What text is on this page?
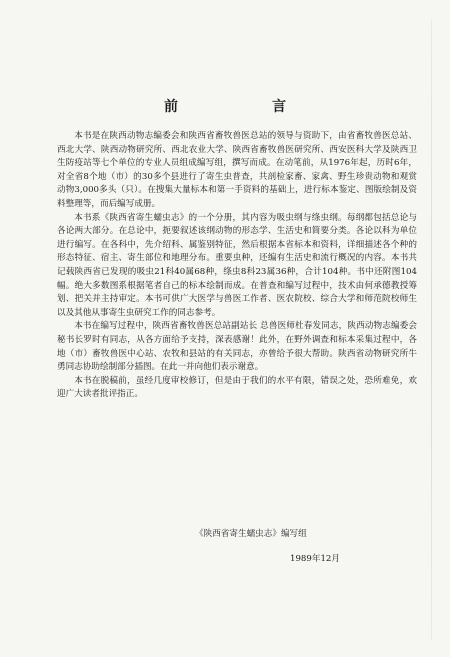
前　　言

本书是在陕西动物志编委会和陕西省畜牧兽医总站的领导与资助下，由省畜牧兽医总站、西北大学、陕西动物研究所、西北农业大学、陕西省畜牧兽医研究所、西安医科大学及陕西卫生防疫站等七个单位的专业人员组成编写组，撰写而成。在动笔前，从1976年起，历时6年，对全省8个地（市）的30多个县进行了寄生虫普查，共剖检家畜、家禽、野生珍贵动物和观赏动物3,000多头（只）。在搜集大量标本和第一手资料的基础上，进行标本鉴定、图版绘制及资料整理等，而后编写成册。

本书系《陕西省寄生蠕虫志》的一个分册，其内容为吸虫纲与绦虫纲。每纲都包括总论与各论两大部分。在总论中，扼要叙述该纲动物的形态学、生活史和简要分类。各论以科为单位进行编写。在各科中，先介绍科、属鉴别特征，然后根据本省标本和资料，详细描述各个种的形态特征、宿主、寄生部位和地理分布。重要虫种，还编有生活史和流行概况的内容。本书共记载陕西省已发现的吸虫21科40属68种，绦虫8科23属36种，合计104种。书中还附图104幅。绝大多数图系根据笔者自己的标本绘制而成。在普查和编写过程中，技术由何承德教授筹划、把关并主持审定。本书可供广大医学与兽医工作者、医农院校、综合大学和师范院校师生以及其他从事寄生虫研究工作的同志参考。

本书在编写过程中，陕西省畜牧兽医总站副站长 总兽医师杜春发同志，陕西动物志编委会秘书长罗时有同志，从各方面给予支持，深表感谢！此外，在野外调查和标本采集过程中，各地（市）畜牧兽医中心站、农牧和县站的有关同志，亦曾给予很大帮助。陕西省动物研究所牛勇同志协助绘制部分插图。在此一并向他们表示谢意。

本书在脱稿前，虽经几度审校修订，但是由于我们的水平有限，错误之处，恐所难免，欢迎广大读者批评指正。

《陕西省寄生蠕虫志》编写组
1989年12月
